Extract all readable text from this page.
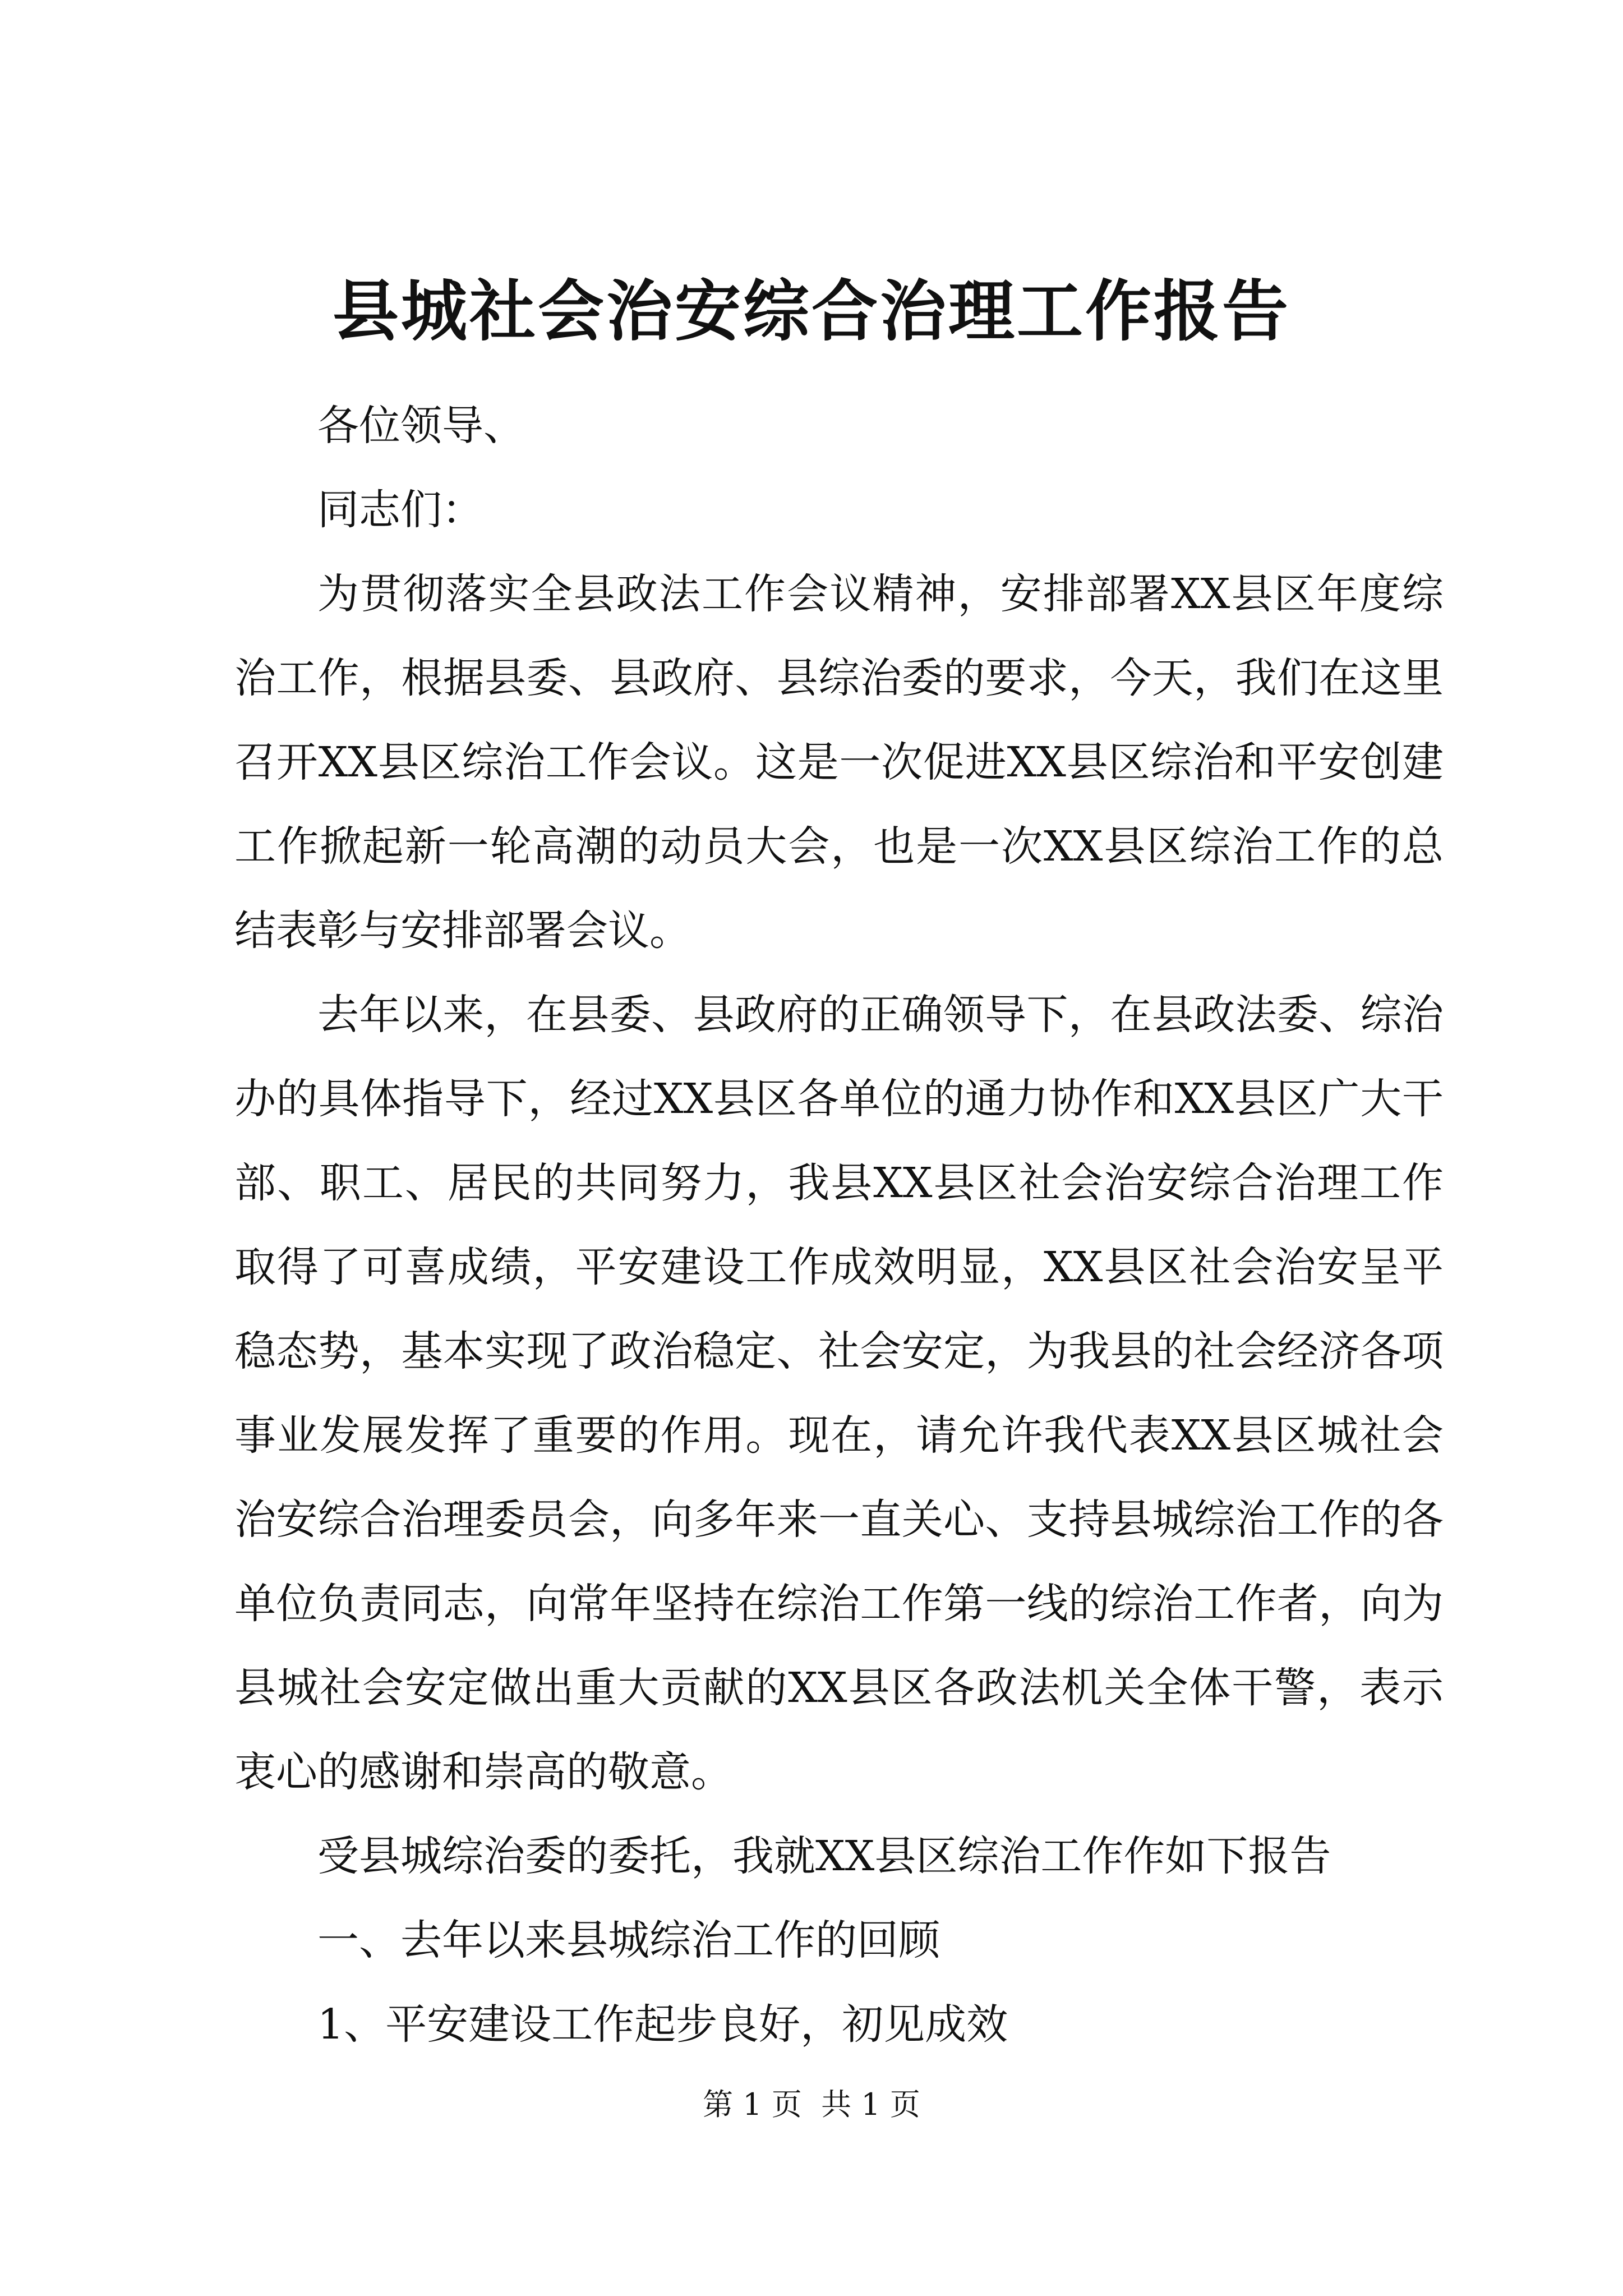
县城社会治安综合治理工作报告

各位领导、

同志们：

为贯彻落实全县政法工作会议精神，安排部署XX县区年度综治工作，根据县委、县政府、县综治委的要求，今天，我们在这里召开XX县区综治工作会议。这是一次促进XX县区综治和平安创建工作掀起新一轮高潮的动员大会，也是一次XX县区综治工作的总结表彰与安排部署会议。

去年以来，在县委、县政府的正确领导下，在县政法委、综治办的具体指导下，经过XX县区各单位的通力协作和XX县区广大干部、职工、居民的共同努力，我县XX县区社会治安综合治理工作取得了可喜成绩，平安建设工作成效明显，XX县区社会治安呈平稳态势，基本实现了政治稳定、社会安定，为我县的社会经济各项事业发展发挥了重要的作用。现在，请允许我代表XX县区城社会治安综合治理委员会，向多年来一直关心、支持县城综治工作的各单位负责同志，向常年坚持在综治工作第一线的综治工作者，向为县城社会安定做出重大贡献的XX县区各政法机关全体干警，表示衷心的感谢和崇高的敬意。

受县城综治委的委托，我就XX县区综治工作作如下报告

一、去年以来县城综治工作的回顾

1、平安建设工作起步良好，初见成效

第 1 页  共 1 页
